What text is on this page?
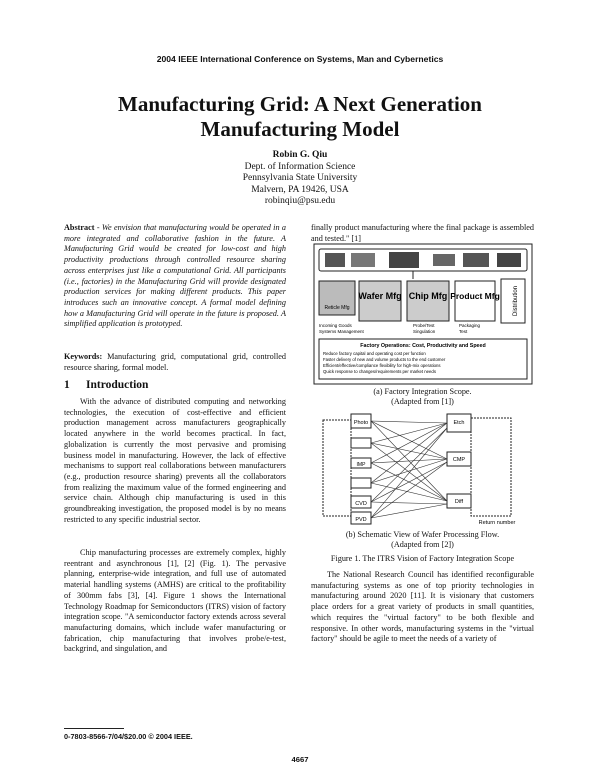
2004 IEEE International Conference on Systems, Man and Cybernetics
Manufacturing Grid: A Next Generation Manufacturing Model
Robin G. Qiu
Dept. of Information Science
Pennsylvania State University
Malvern, PA 19426, USA
robinqiu@psu.edu
Abstract - We envision that manufacturing would be operated in a more integrated and collaborative fashion in the future. A Manufacturing Grid would be created for low-cost and high productivity productions through controlled resource sharing across enterprises just like a computational Grid. All participants (i.e., factories) in the Manufacturing Grid will provide designated production services for making different products. This paper introduces such an innovative concept. A formal model defining how a Manufacturing Grid will operate in the future is proposed. A simplified application is prototyped.
Keywords: Manufacturing grid, computational grid, controlled resource sharing, formal model.
1 Introduction
With the advance of distributed computing and networking technologies, the execution of cost-effective and efficient production management across manufacturers geographically located anywhere in the world becomes practical. In fact, globalization is currently the most pervasive and promising business model in manufacturing. However, the lack of effective mechanisms to support real collaborations between manufacturers (e.g., production resource sharing) prevents all the collaborators from realizing the maximum value of the formed engineering and service chain. Although chip manufacturing is used in this groundbreaking investigation, the proposed model is by no means restricted to any specific industrial sector.
Chip manufacturing processes are extremely complex, highly reentrant and asynchronous [1], [2] (Fig. 1). The pervasive planning, enterprise-wide integration, and full use of automated material handling systems (AMHS) are critical to the profitability of 300mm fabs [3], [4]. Figure 1 shows the International Technology Roadmap for Semiconductors (ITRS) vision of factory integration scope. "A semiconductor factory extends across several manufacturing domains, which include wafer manufacturing or fabrication, chip manufacturing that involves probe/e-test, backgrind, and singulation, and
finally product manufacturing where the final package is assembled and tested." [1]
Wafer Mfg Chip Mfg Product Mfg Distribution
Reticle Mfg
Incoming Goods
Systems Management
Probe/Test
Singulation
Packaging
Test
Factory Operations: Cost, Productivity and Speed
Reduce factory capital and operating cost per function
Faster delivery of new and volume products to the end customer
Efficient/effective/compliance flexibility for high-mix operations
Quick response to changes/requirements per market needs
(a) Factory Integration Scope.
(Adapted from [1])
Photo
IMP
CVD
PVD
Etch
CMP
Diff
Return number
(b) Schematic View of Wafer Processing Flow.
(Adapted from [2])
Figure 1. The ITRS Vision of Factory Integration Scope
The National Research Council has identified reconfigurable manufacturing systems as one of top priority technologies in manufacturing around 2020 [11]. It is visionary that customers place orders for a great variety of products in small quantities, which requires the "virtual factory" to be both flexible and responsive. In other words, manufacturing systems in the "virtual factory" should be agile to meet the needs of a variety of
0-7803-8566-7/04/$20.00 © 2004 IEEE.
4667
